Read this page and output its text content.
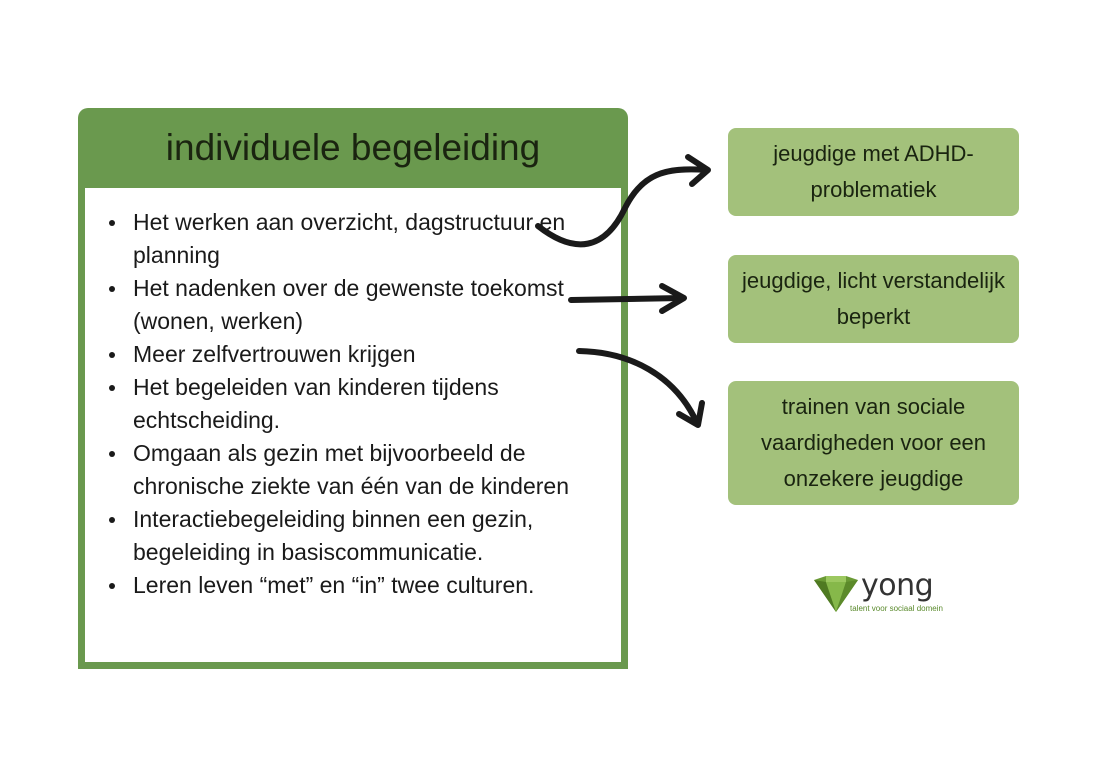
individuele begeleiding
Het werken aan overzicht, dagstructuur en planning
Het nadenken over de gewenste toekomst (wonen, werken)
Meer zelfvertrouwen krijgen
Het begeleiden van kinderen tijdens echtscheiding.
Omgaan als gezin met bijvoorbeeld de chronische ziekte van één van de kinderen
Interactiebegeleiding binnen een gezin, begeleiding in basiscommunicatie.
Leren leven “met” en “in” twee culturen.
jeugdige met ADHD-problematiek
jeugdige, licht verstandelijk beperkt
trainen van sociale vaardigheden voor een onzekere jeugdige
yong
talent voor sociaal domein
